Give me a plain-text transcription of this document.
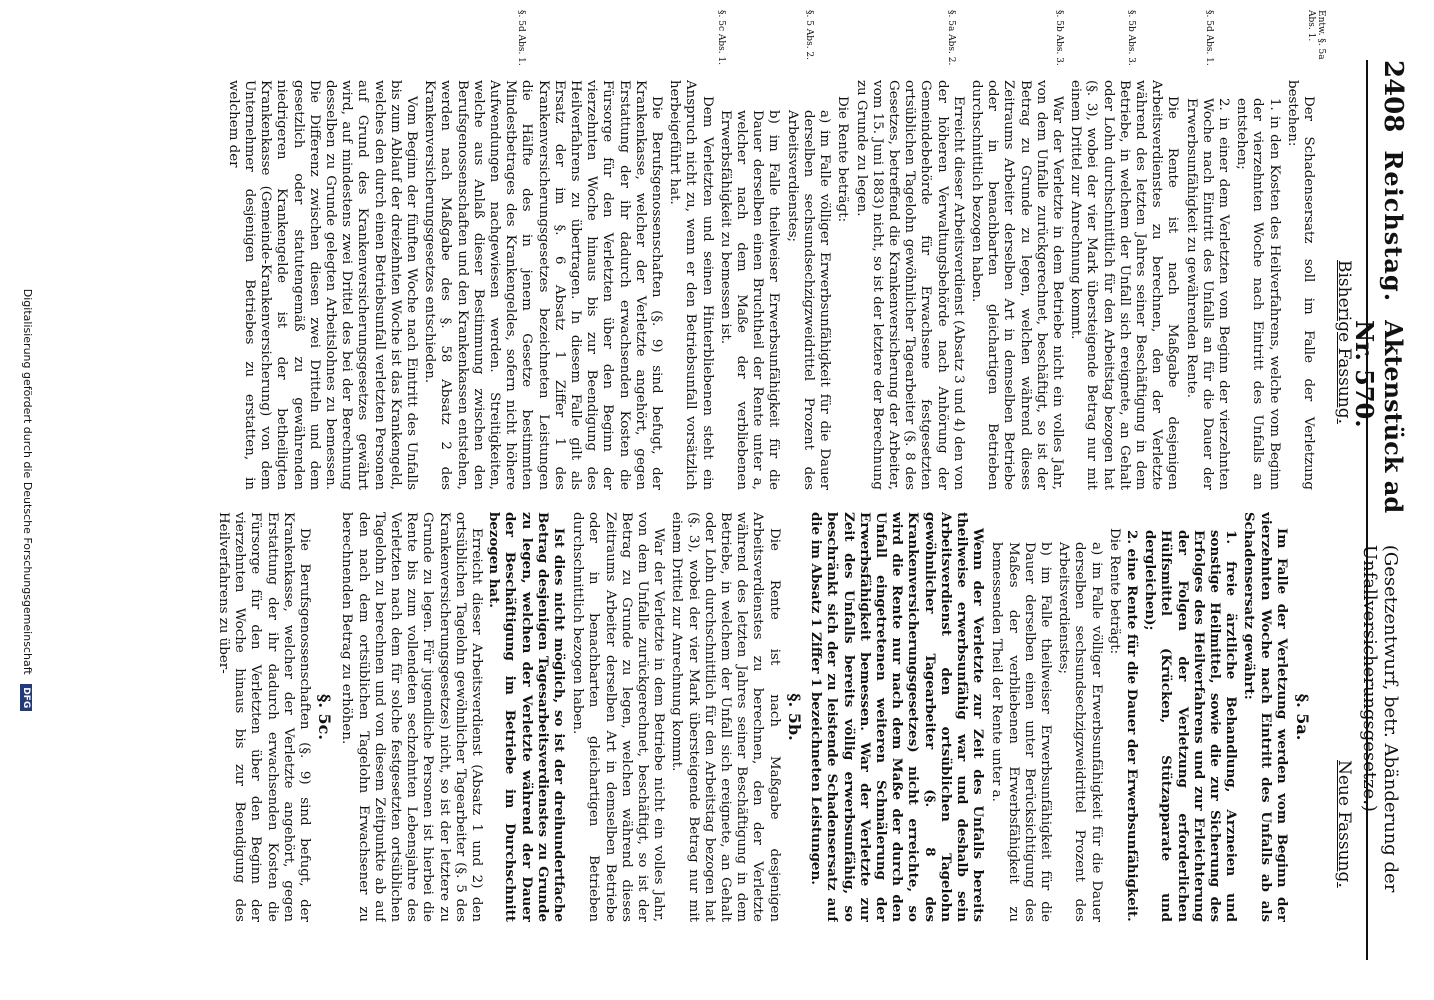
2408
Reichstag.
Aktenstück ad Nr. 570.
(Gesetzentwurf, betr. Abänderung der Unfallversicherungsgesetze.)
Bisherige Fassung.
Neue Fassung.
Entw. §. 5a Abs. 1.
§. 5d Abs. 1.
§. 5b Abs. 3.
§. 5b Abs. 3.
§. 5a Abs. 2.
§. 5 Abs. 2.
§. 5c Abs. 1.
§. 5d Abs. 1.

Der Schadensersatz soll im Falle der Verletzung bestehen:

1. in den Kosten des Heilverfahrens, welche vom Beginn der vierzehnten Woche nach Eintritt des Unfalls an entstehen;

2. in einer dem Verletzten vom Beginn der vierzehnten Woche nach Eintritt des Unfalls an für die Dauer der Erwerbsunfähigkeit zu gewährenden Rente.

Die Rente ist nach Maßgabe desjenigen Arbeitsverdienstes zu berechnen, den der Verletzte während des letzten Jahres seiner Beschäftigung in dem Betriebe, in welchem der Unfall sich ereignete, an Gehalt oder Lohn durchschnittlich für den Arbeitstag bezogen hat (§. 3), wobei der vier Mark übersteigende Betrag nur mit einem Drittel zur Anrechnung kommt.

War der Verletzte in dem Betriebe nicht ein volles Jahr, von dem Unfalle zurückgerechnet, beschäftigt, so ist der Betrag zu Grunde zu legen, welchen während dieses Zeitraums Arbeiter derselben Art in demselben Betriebe oder in benachbarten gleichartigen Betrieben durchschnittlich bezogen haben.

Erreicht dieser Arbeitsverdienst (Absatz 3 und 4) den von der höheren Verwaltungsbehörde nach Anhörung der Gemeindebehörde für Erwachsene festgesetzten ortsüblichen Tagelohn gewöhnlicher Tagearbeiter (§. 8 des Gesetzes, betreffend die Krankenversicherung der Arbeiter, vom 15. Juni 1883) nicht, so ist der letztere der Berechnung zu Grunde zu legen.

Die Rente beträgt:

a) im Falle völliger Erwerbsunfähigkeit für die Dauer derselben sechsundsechzigzweidrittel Prozent des Arbeitsverdienstes;

b) im Falle theilweiser Erwerbsunfähigkeit für die Dauer derselben einen Bruchtheil der Rente unter a, welcher nach dem Maße der verbliebenen Erwerbsfähigkeit zu bemessen ist.

Dem Verletzten und seinen Hinterbliebenen steht ein Anspruch nicht zu, wenn er den Betriebsunfall vorsätzlich herbeigeführt hat.

Die Berufsgenossenschaften (§. 9) sind befugt, der Krankenkasse, welcher der Verletzte angehört, gegen Erstattung der ihr dadurch erwachsenden Kosten die Fürsorge für den Verletzten über den Beginn der vierzehnten Woche hinaus bis zur Beendigung des Heilverfahrens zu übertragen. In diesem Falle gilt als Ersatz der im §. 6 Absatz 1 Ziffer 1 des Krankenversicherungsgesetzes bezeichneten Leistungen die Hälfte des in jenem Gesetze bestimmten Mindestbetrages des Krankengeldes, sofern nicht höhere Aufwendungen nachgewiesen werden. Streitigkeiten, welche aus Anlaß dieser Bestimmung zwischen den Berufsgenossenschaften und den Krankenkassen entstehen, werden nach Maßgabe des §. 58 Absatz 2 des Krankenversicherungsgesetzes entschieden.

Vom Beginn der fünften Woche nach Eintritt des Unfalls bis zum Ablauf der dreizehnten Woche ist das Krankengeld, welches den durch einen Betriebsunfall verletzten Personen auf Grund des Krankenversicherungsgesetzes gewährt wird, auf mindestens zwei Drittel des bei der Berechnung desselben zu Grunde gelegten Arbeitslohnes zu bemessen. Die Differenz zwischen diesen zwei Dritteln und dem gesetzlich oder statutengemäß zu gewährenden niedrigeren Krankengelde ist der betheiligten Krankenkasse (Gemeinde-Krankenversicherung) von dem Unternehmer desjenigen Betriebes zu erstatten, in welchem der

§. 5a.

Im Falle der Verletzung werden vom Beginn der vierzehnten Woche nach Eintritt des Unfalls ab als Schadensersatz gewährt:

1. freie ärztliche Behandlung, Arzneien und sonstige Heilmittel, sowie die zur Sicherung des Erfolges des Heilverfahrens und zur Erleichterung der Folgen der Verletzung erforderlichen Hülfsmittel (Krücken, Stützapparate und dergleichen);

2. eine Rente für die Dauer der Erwerbsunfähigkeit.

Die Rente beträgt:

a) im Falle völliger Erwerbsunfähigkeit für die Dauer derselben sechsundsechzigzweidrittel Prozent des Arbeitsverdienstes;

b) im Falle theilweiser Erwerbsunfähigkeit für die Dauer derselben einen unter Berücksichtigung des Maßes der verbliebenen Erwerbsfähigkeit zu bemessenden Theil der Rente unter a.

Wenn der Verletzte zur Zeit des Unfalls bereits theilweise erwerbsunfähig war und deshalb sein Arbeitsverdienst den ortsüblichen Tagelohn gewöhnlicher Tagearbeiter (§. 8 des Krankenversicherungsgesetzes) nicht erreichte, so wird die Rente nur nach dem Maße der durch den Unfall eingetretenen weiteren Schmälerung der Erwerbsfähigkeit bemessen. War der Verletzte zur Zeit des Unfalls bereits völlig erwerbsunfähig, so beschränkt sich der zu leistende Schadensersatz auf die im Absatz 1 Ziffer 1 bezeichneten Leistungen.

§. 5b.

Die Rente ist nach Maßgabe desjenigen Arbeitsverdienstes zu berechnen, den der Verletzte während des letzten Jahres seiner Beschäftigung in dem Betriebe, in welchem der Unfall sich ereignete, an Gehalt oder Lohn durchschnittlich für den Arbeitstag bezogen hat (§. 3), wobei der vier Mark übersteigende Betrag nur mit einem Drittel zur Anrechnung kommt.

War der Verletzte in dem Betriebe nicht ein volles Jahr, von dem Unfalle zurückgerechnet, beschäftigt, so ist der Betrag zu Grunde zu legen, welchen während dieses Zeitraums Arbeiter derselben Art in demselben Betriebe oder in benachbarten gleichartigen Betrieben durchschnittlich bezogen haben.

Ist dies nicht möglich, so ist der dreihundertfache Betrag desjenigen Tagesarbeitsverdienstes zu Grunde zu legen, welchen der Verletzte während der Dauer der Beschäftigung im Betriebe im Durchschnitt bezogen hat.

Erreicht dieser Arbeitsverdienst (Absatz 1 und 2) den ortsüblichen Tagelohn gewöhnlicher Tagearbeiter (§. 5 des Krankenversicherungsgesetzes) nicht, so ist der letztere zu Grunde zu legen. Für jugendliche Personen ist hierbei die Rente bis zum vollendeten sechzehnten Lebensjahre des Verletzten nach dem für solche festgesetzten ortsüblichen Tagelohn zu berechnen und von diesem Zeitpunkte ab auf den nach dem ortsüblichen Tagelohn Erwachsener zu berechnenden Betrag zu erhöhen.

§. 5c.

Die Berufsgenossenschaften (§. 9) sind befugt, der Krankenkasse, welcher der Verletzte angehört, gegen Erstattung der ihr dadurch erwachsenden Kosten die Fürsorge für den Verletzten über den Beginn der vierzehnten Woche hinaus bis zur Beendigung des Heilverfahrens zu über-

Digitalisierung gefördert durch die Deutsche Forschungsgemeinschaft DFG
